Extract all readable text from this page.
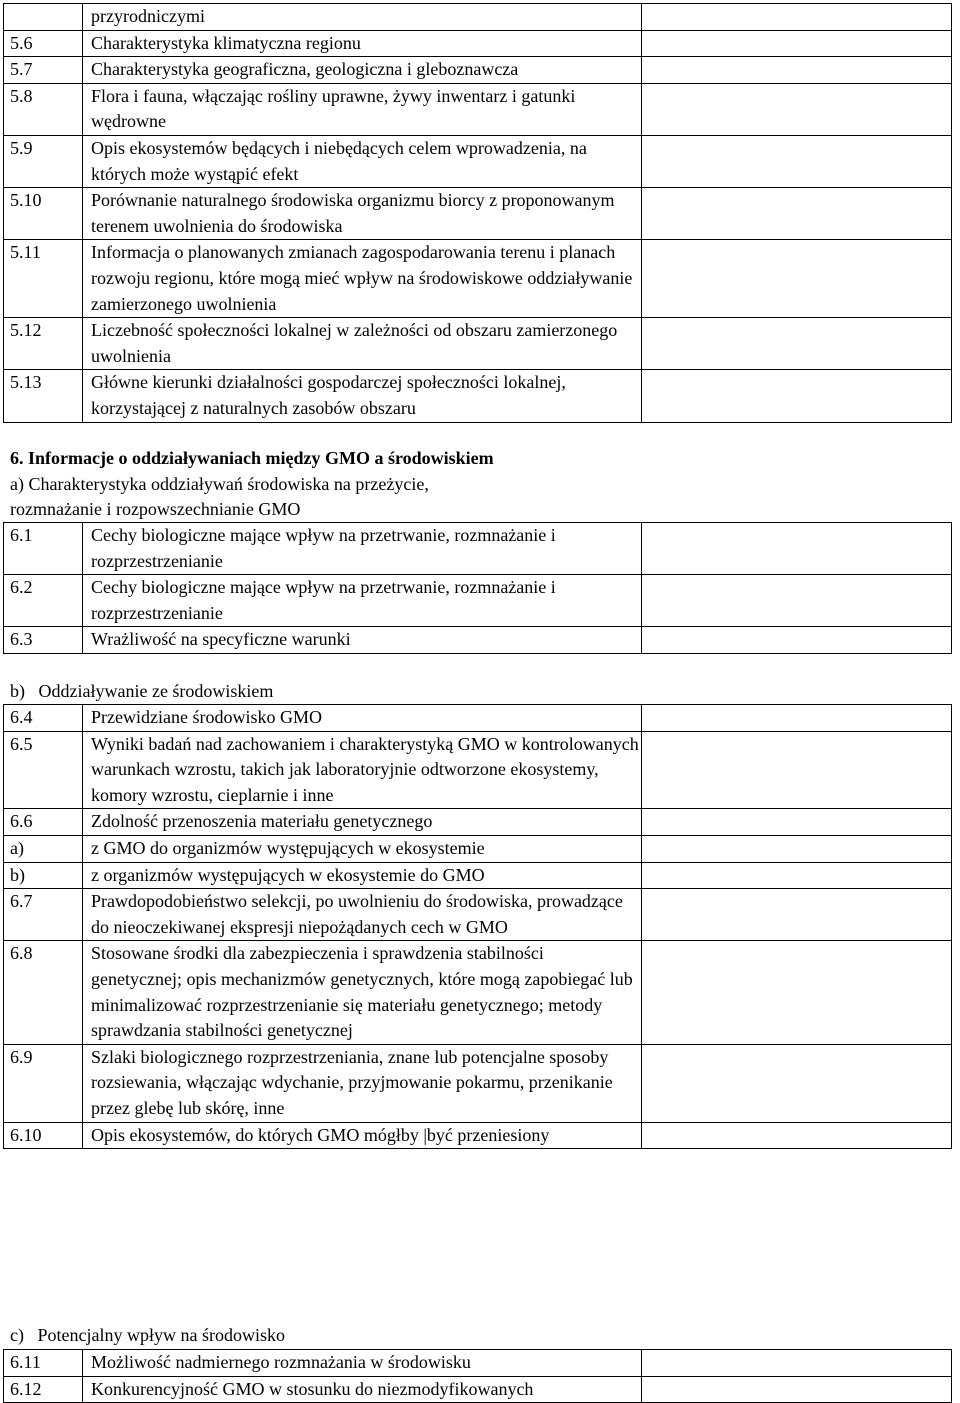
	przyrodniczymi	
5.6	Charakterystyka klimatyczna regionu	
5.7	Charakterystyka geograficzna, geologiczna i gleboznawcza	
5.8	Flora i fauna, włączając rośliny uprawne, żywy inwentarz i gatunki wędrowne	
5.9	Opis ekosystemów będących i niebędących celem wprowadzenia, na których może wystąpić efekt	
5.10	Porównanie naturalnego środowiska organizmu biorcy z proponowanym terenem uwolnienia do środowiska	
5.11	Informacja o planowanych zmianach zagospodarowania terenu i planach rozwoju regionu, które mogą mieć wpływ na środowiskowe oddziaływanie zamierzonego uwolnienia	
5.12	Liczebność społeczności lokalnej w zależności od obszaru zamierzonego uwolnienia	
5.13	Główne kierunki działalności gospodarczej społeczności lokalnej, korzystającej z naturalnych zasobów obszaru	
6. Informacje o oddziaływaniach między GMO a środowiskiem
a) Charakterystyka oddziaływań środowiska na przeżycie,
rozmnażanie i rozpowszechnianie GMO
6.1	Cechy biologiczne mające wpływ na przetrwanie, rozmnażanie i rozprzestrzenianie	
6.2	Cechy biologiczne mające wpływ na przetrwanie, rozmnażanie i rozprzestrzenianie	
6.3	Wrażliwość na specyficzne warunki	
b)   Oddziaływanie ze środowiskiem
6.4	Przewidziane środowisko GMO	
6.5	Wyniki badań nad zachowaniem i charakterystyką GMO w kontrolowanych warunkach wzrostu, takich jak laboratoryjnie odtworzone ekosystemy, komory wzrostu, cieplarnie i inne	
6.6	Zdolność przenoszenia materiału genetycznego	
a)	z GMO do organizmów występujących w ekosystemie	
b)	z organizmów występujących w ekosystemie do GMO	
6.7	Prawdopodobieństwo selekcji, po uwolnieniu do środowiska, prowadzące do nieoczekiwanej ekspresji niepożądanych cech w GMO	
6.8	Stosowane środki dla zabezpieczenia i sprawdzenia stabilności genetycznej; opis mechanizmów genetycznych, które mogą zapobiegać lub minimalizować rozprzestrzenianie się materiału genetycznego; metody sprawdzania stabilności genetycznej	
6.9	Szlaki biologicznego rozprzestrzeniania, znane lub potencjalne sposoby rozsiewania, włączając wdychanie, przyjmowanie pokarmu, przenikanie przez glebę lub skórę, inne	
6.10	Opis ekosystemów, do których GMO mógłby |być przeniesiony	
c)   Potencjalny wpływ na środowisko
6.11	Możliwość nadmiernego rozmnażania w środowisku	
6.12	Konkurencyjność GMO w stosunku do niezmodyfikowanych	
